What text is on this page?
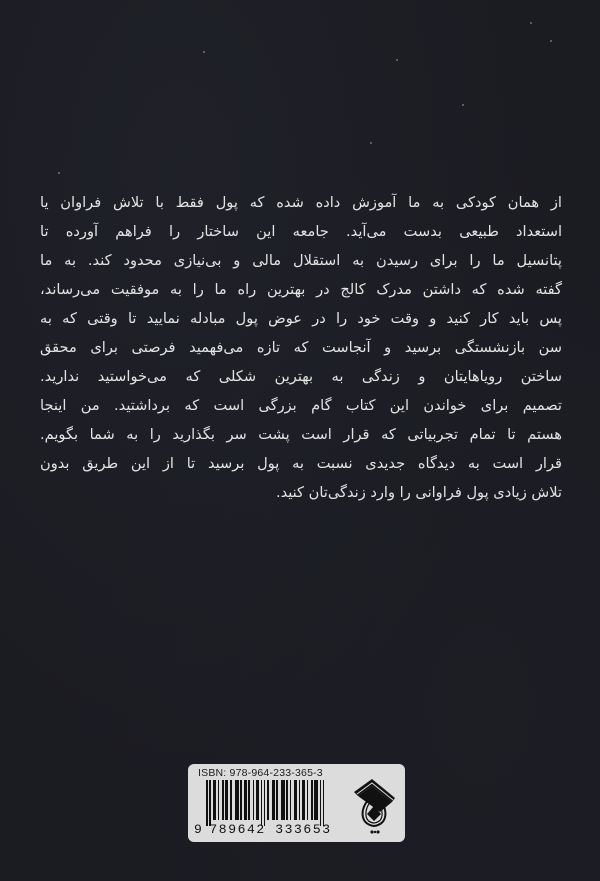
از همان کودکی به ما آموزش داده شده که پول فقط با تلاش فراوان یا
استعداد طبیعی بدست می‌آید. جامعه این ساختار را فراهم آورده تا
پتانسیل ما را برای رسیدن به استقلال مالی و بی‌نیازی محدود کند. به ما
گفته شده که داشتن مدرک کالج در بهترین راه ما را به موفقیت می‌رساند،
پس باید کار کنید و وقت خود را در عوض پول مبادله نمایید تا وقتی که به
سن بازنشستگی برسید و آنجاست که تازه می‌فهمید فرصتی برای محقق
ساختن رویاهایتان و زندگی به بهترین شکلی که می‌خواستید ندارید.
تصمیم برای خواندن این کتاب گام بزرگی است که برداشتید. من اینجا
هستم تا تمام تجربیاتی که قرار است پشت سر بگذارید را به شما بگویم.
قرار است به دیدگاه جدیدی نسبت به پول برسید تا از این طریق بدون
تلاش زیادی پول فراوانی را وارد زندگی‌تان کنید.
ISBN: 978-964-233-365-3
9 789642 333653
